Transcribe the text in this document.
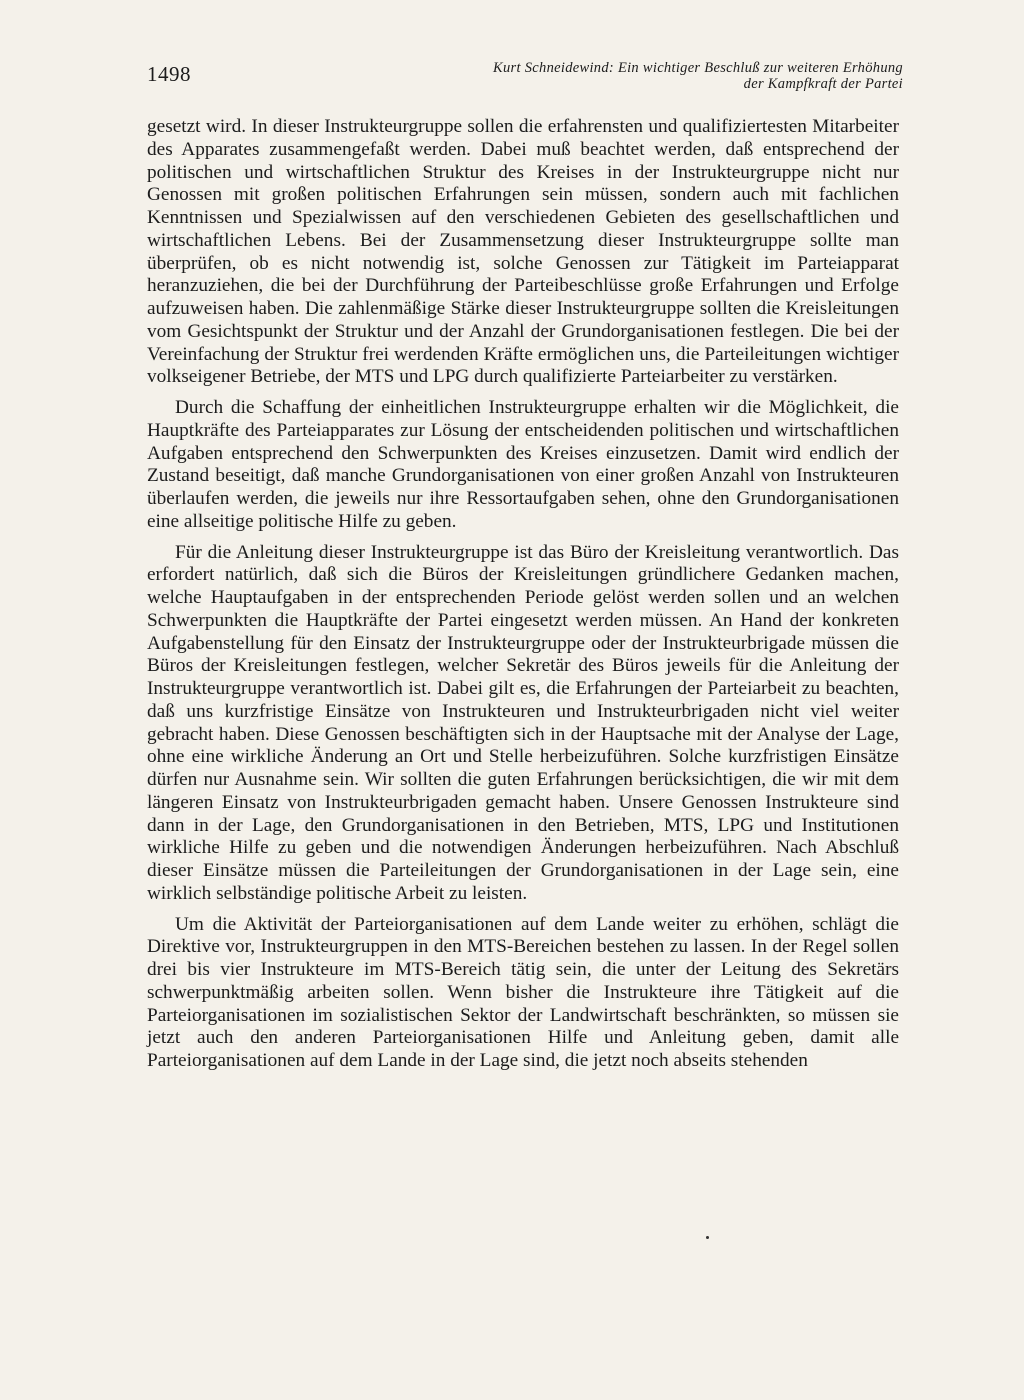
1498	Kurt Schneidewind: Ein wichtiger Beschluß zur weiteren Erhöhung
der Kampfkraft der Partei

gesetzt wird. In dieser Instrukteurgruppe sollen die erfahrensten und qualifiziertesten Mitarbeiter des Apparates zusammengefaßt werden. Dabei muß beachtet werden, daß entsprechend der politischen und wirtschaftlichen Struktur des Kreises in der Instrukteurgruppe nicht nur Genossen mit großen politischen Erfahrungen sein müssen, sondern auch mit fachlichen Kenntnissen und Spezialwissen auf den verschiedenen Gebieten des gesellschaftlichen und wirtschaftlichen Lebens. Bei der Zusammensetzung dieser Instrukteurgruppe sollte man überprüfen, ob es nicht notwendig ist, solche Genossen zur Tätigkeit im Parteiapparat heranzuziehen, die bei der Durchführung der Parteibeschlüsse große Erfahrungen und Erfolge aufzuweisen haben. Die zahlenmäßige Stärke dieser Instrukteurgruppe sollten die Kreisleitungen vom Gesichtspunkt der Struktur und der Anzahl der Grundorganisationen festlegen. Die bei der Vereinfachung der Struktur frei werdenden Kräfte ermöglichen uns, die Parteileitungen wichtiger volkseigener Betriebe, der MTS und LPG durch qualifizierte Parteiarbeiter zu verstärken.

Durch die Schaffung der einheitlichen Instrukteurgruppe erhalten wir die Möglichkeit, die Hauptkräfte des Parteiapparates zur Lösung der entscheidenden politischen und wirtschaftlichen Aufgaben entsprechend den Schwerpunkten des Kreises einzusetzen. Damit wird endlich der Zustand beseitigt, daß manche Grundorganisationen von einer großen Anzahl von Instrukteuren überlaufen werden, die jeweils nur ihre Ressortaufgaben sehen, ohne den Grundorganisationen eine allseitige politische Hilfe zu geben.

Für die Anleitung dieser Instrukteurgruppe ist das Büro der Kreisleitung verantwortlich. Das erfordert natürlich, daß sich die Büros der Kreisleitungen gründlichere Gedanken machen, welche Hauptaufgaben in der entsprechenden Periode gelöst werden sollen und an welchen Schwerpunkten die Hauptkräfte der Partei eingesetzt werden müssen. An Hand der konkreten Aufgabenstellung für den Einsatz der Instrukteurgruppe oder der Instrukteurbrigade müssen die Büros der Kreisleitungen festlegen, welcher Sekretär des Büros jeweils für die Anleitung der Instrukteurgruppe verantwortlich ist. Dabei gilt es, die Erfahrungen der Parteiarbeit zu beachten, daß uns kurzfristige Einsätze von Instrukteuren und Instrukteurbrigaden nicht viel weiter gebracht haben. Diese Genossen beschäftigten sich in der Hauptsache mit der Analyse der Lage, ohne eine wirkliche Änderung an Ort und Stelle herbeizuführen. Solche kurzfristigen Einsätze dürfen nur Ausnahme sein. Wir sollten die guten Erfahrungen berücksichtigen, die wir mit dem längeren Einsatz von Instrukteurbrigaden gemacht haben. Unsere Genossen Instrukteure sind dann in der Lage, den Grundorganisationen in den Betrieben, MTS, LPG und Institutionen wirkliche Hilfe zu geben und die notwendigen Änderungen herbeizuführen. Nach Abschluß dieser Einsätze müssen die Parteileitungen der Grundorganisationen in der Lage sein, eine wirklich selbständige politische Arbeit zu leisten.

Um die Aktivität der Parteiorganisationen auf dem Lande weiter zu erhöhen, schlägt die Direktive vor, Instrukteurgruppen in den MTS-Bereichen bestehen zu lassen. In der Regel sollen drei bis vier Instrukteure im MTS-Bereich tätig sein, die unter der Leitung des Sekretärs schwerpunktmäßig arbeiten sollen. Wenn bisher die Instrukteure ihre Tätigkeit auf die Parteiorganisationen im sozialistischen Sektor der Landwirtschaft beschränkten, so müssen sie jetzt auch den anderen Parteiorganisationen Hilfe und Anleitung geben, damit alle Parteiorganisationen auf dem Lande in der Lage sind, die jetzt noch abseits stehenden
